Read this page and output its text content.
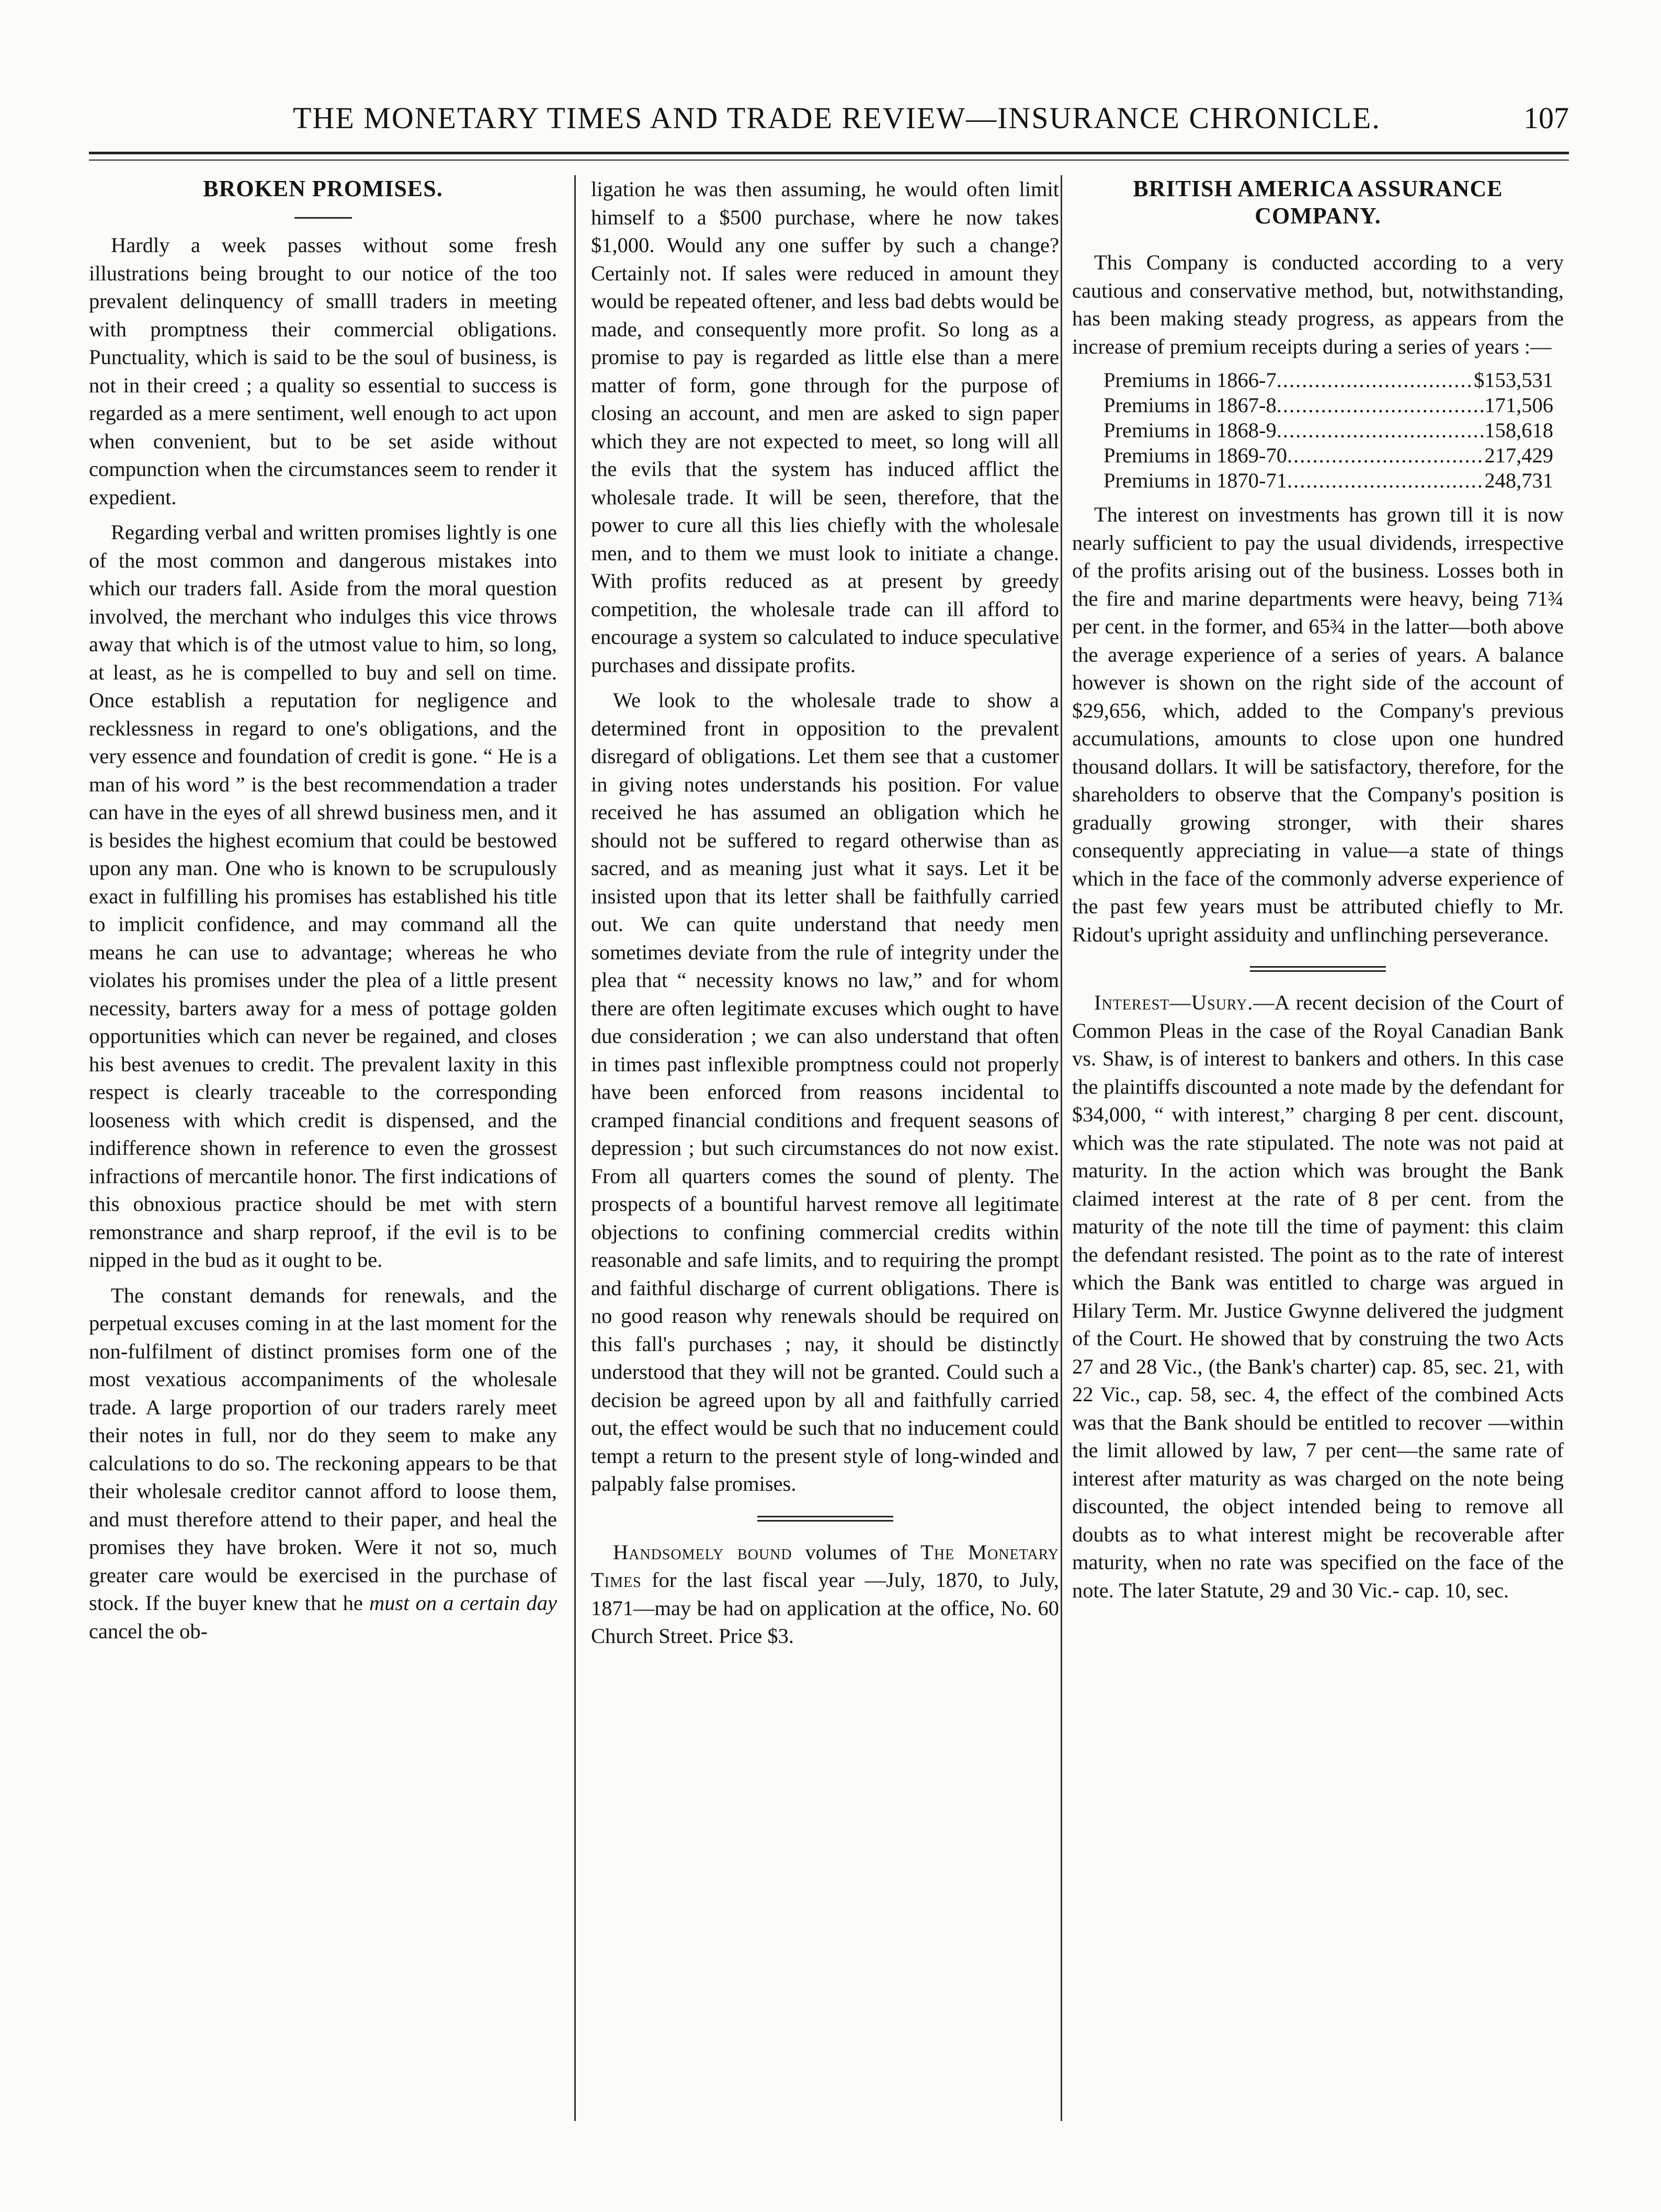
THE MONETARY TIMES AND TRADE REVIEW—INSURANCE CHRONICLE.	107
BROKEN PROMISES.

Hardly a week passes without some fresh illustrations being brought to our notice of the too prevalent delinquency of smalll traders in meeting with promptness their commercial obligations. Punctuality, which is said to be the soul of business, is not in their creed ; a quality so essential to success is regarded as a mere sentiment, well enough to act upon when convenient, but to be set aside without compunction when the circumstances seem to render it expedient.

Regarding verbal and written promises lightly is one of the most common and dangerous mistakes into which our traders fall. Aside from the moral question involved, the merchant who indulges this vice throws away that which is of the utmost value to him, so long, at least, as he is compelled to buy and sell on time. Once establish a reputation for negligence and recklessness in regard to one's obligations, and the very essence and foundation of credit is gone. “ He is a man of his word ” is the best recommendation a trader can have in the eyes of all shrewd business men, and it is besides the highest ecomium that could be bestowed upon any man. One who is known to be scrupulously exact in fulfilling his promises has established his title to implicit confidence, and may command all the means he can use to advantage; whereas he who violates his promises under the plea of a little present necessity, barters away for a mess of pottage golden opportunities which can never be regained, and closes his best avenues to credit. The prevalent laxity in this respect is clearly traceable to the corresponding looseness with which credit is dispensed, and the indifference shown in reference to even the grossest infractions of mercantile honor. The first indications of this obnoxious practice should be met with stern remonstrance and sharp reproof, if the evil is to be nipped in the bud as it ought to be.

The constant demands for renewals, and the perpetual excuses coming in at the last moment for the non-fulfilment of distinct promises form one of the most vexatious accompaniments of the wholesale trade. A large proportion of our traders rarely meet their notes in full, nor do they seem to make any calculations to do so. The reckoning appears to be that their wholesale creditor cannot afford to loose them, and must therefore attend to their paper, and heal the promises they have broken. Were it not so, much greater care would be exercised in the purchase of stock. If the buyer knew that he must on a certain day cancel the ob-

ligation he was then assuming, he would often limit himself to a $500 purchase, where he now takes $1,000. Would any one suffer by such a change? Certainly not. If sales were reduced in amount they would be repeated oftener, and less bad debts would be made, and consequently more profit. So long as a promise to pay is regarded as little else than a mere matter of form, gone through for the purpose of closing an account, and men are asked to sign paper which they are not expected to meet, so long will all the evils that the system has induced afflict the wholesale trade. It will be seen, therefore, that the power to cure all this lies chiefly with the wholesale men, and to them we must look to initiate a change. With profits reduced as at present by greedy competition, the wholesale trade can ill afford to encourage a system so calculated to induce speculative purchases and dissipate profits.

We look to the wholesale trade to show a determined front in opposition to the prevalent disregard of obligations. Let them see that a customer in giving notes understands his position. For value received he has assumed an obligation which he should not be suffered to regard otherwise than as sacred, and as meaning just what it says. Let it be insisted upon that its letter shall be faithfully carried out. We can quite understand that needy men sometimes deviate from the rule of integrity under the plea that “ necessity knows no law,” and for whom there are often legitimate excuses which ought to have due consideration ; we can also understand that often in times past inflexible promptness could not properly have been enforced from reasons incidental to cramped financial conditions and frequent seasons of depression ; but such circumstances do not now exist. From all quarters comes the sound of plenty. The prospects of a bountiful harvest remove all legitimate objections to confining commercial credits within reasonable and safe limits, and to requiring the prompt and faithful discharge of current obligations. There is no good reason why renewals should be required on this fall's purchases ; nay, it should be distinctly understood that they will not be granted. Could such a decision be agreed upon by all and faithfully carried out, the effect would be such that no inducement could tempt a return to the present style of long-winded and palpably false promises.

Handsomely bound volumes of The Monetary Times for the last fiscal year —July, 1870, to July, 1871—may be had on application at the office, No. 60 Church Street. Price $3.

BRITISH AMERICA ASSURANCE COMPANY.

This Company is conducted according to a very cautious and conservative method, but, notwithstanding, has been making steady progress, as appears from the increase of premium receipts during a series of years :—

Premiums in 1866-7 .....	$153,531
Premiums in 1867-8 .....	171,506
Premiums in 1868-9 .....	158,618
Premiums in 1869-70 .....	217,429
Premiums in 1870-71 .....	248,731

The interest on investments has grown till it is now nearly sufficient to pay the usual dividends, irrespective of the profits arising out of the business. Losses both in the fire and marine departments were heavy, being 71¾ per cent. in the former, and 65¾ in the latter—both above the average experience of a series of years. A balance however is shown on the right side of the account of $29,656, which, added to the Company's previous accumulations, amounts to close upon one hundred thousand dollars. It will be satisfactory, therefore, for the shareholders to observe that the Company's position is gradually growing stronger, with their shares consequently appreciating in value—a state of things which in the face of the commonly adverse experience of the past few years must be attributed chiefly to Mr. Ridout's upright assiduity and unflinching perseverance.

Interest—Usury.—A recent decision of the Court of Common Pleas in the case of the Royal Canadian Bank vs. Shaw, is of interest to bankers and others. In this case the plaintiffs discounted a note made by the defendant for $34,000, “ with interest,” charging 8 per cent. discount, which was the rate stipulated. The note was not paid at maturity. In the action which was brought the Bank claimed interest at the rate of 8 per cent. from the maturity of the note till the time of payment: this claim the defendant resisted. The point as to the rate of interest which the Bank was entitled to charge was argued in Hilary Term. Mr. Justice Gwynne delivered the judgment of the Court. He showed that by construing the two Acts 27 and 28 Vic., (the Bank's charter) cap. 85, sec. 21, with 22 Vic., cap. 58, sec. 4, the effect of the combined Acts was that the Bank should be entitled to recover —within the limit allowed by law, 7 per cent—the same rate of interest after maturity as was charged on the note being discounted, the object intended being to remove all doubts as to what interest might be recoverable after maturity, when no rate was specified on the face of the note. The later Statute, 29 and 30 Vic.- cap. 10, sec.
